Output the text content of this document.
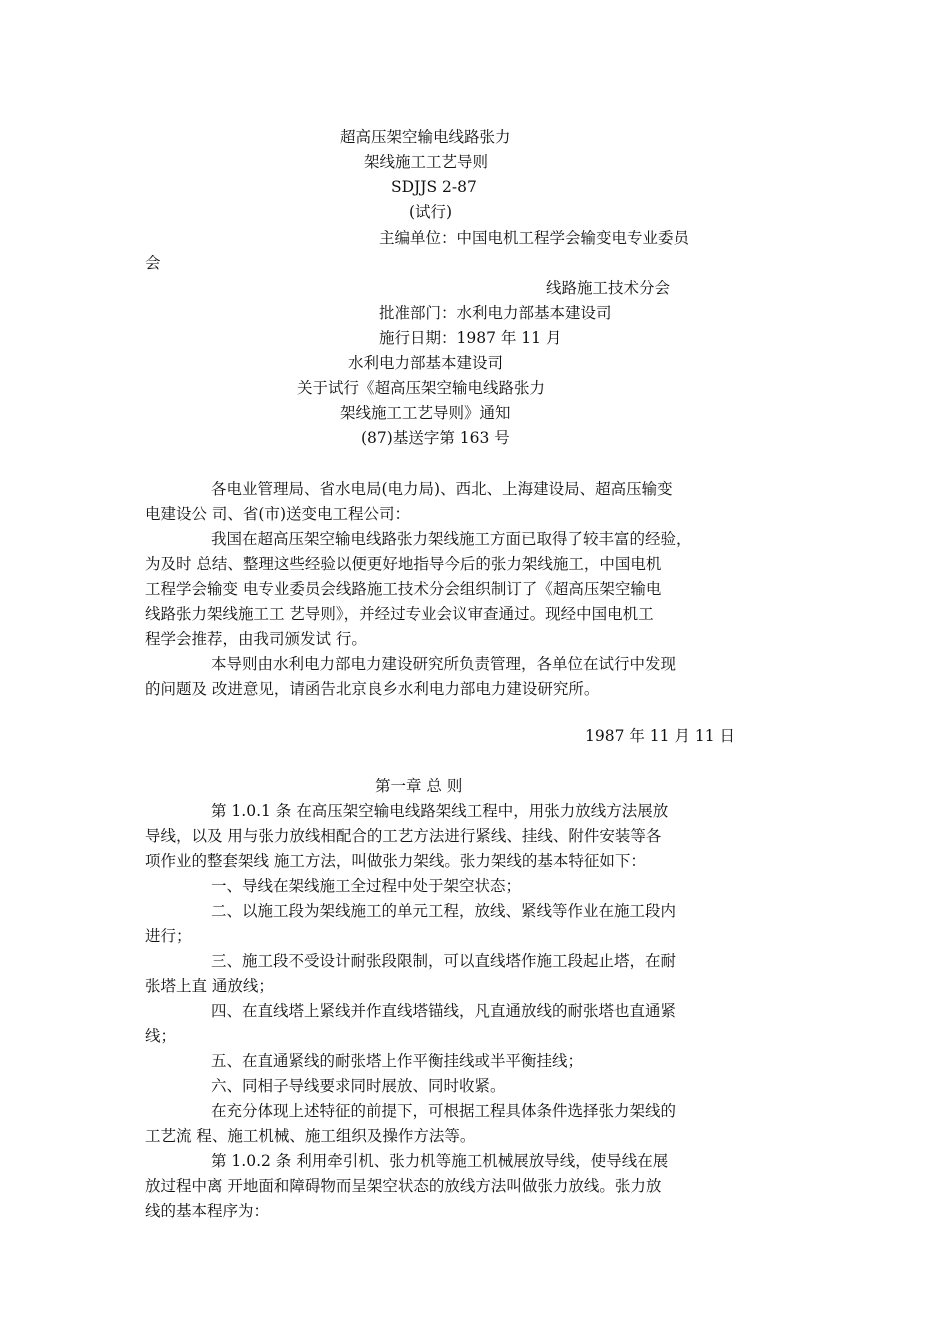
超高压架空输电线路张力
架线施工工艺导则
SDJJS 2-87
(试行)
主编单位：中国电机工程学会输变电专业委员
会
线路施工技术分会
批准部门：水利电力部基本建设司
施行日期：1987 年 11 月
水利电力部基本建设司
关于试行《超高压架空输电线路张力
架线施工工艺导则》通知
(87)基送字第 163 号
各电业管理局、省水电局(电力局)、西北、上海建设局、超高压输变
电建设公 司、省(市)送变电工程公司：
我国在超高压架空输电线路张力架线施工方面已取得了较丰富的经验，
为及时 总结、整理这些经验以便更好地指导今后的张力架线施工，中国电机
工程学会输变 电专业委员会线路施工技术分会组织制订了《超高压架空输电
线路张力架线施工工 艺导则》，并经过专业会议审查通过。现经中国电机工
程学会推荐，由我司颁发试 行。
本导则由水利电力部电力建设研究所负责管理，各单位在试行中发现
的问题及 改进意见，请函告北京良乡水利电力部电力建设研究所。
1987 年 11 月 11 日
第一章 总 则
第 1.0.1 条 在高压架空输电线路架线工程中，用张力放线方法展放
导线，以及 用与张力放线相配合的工艺方法进行紧线、挂线、附件安装等各
项作业的整套架线 施工方法，叫做张力架线。张力架线的基本特征如下：
一、导线在架线施工全过程中处于架空状态；
二、以施工段为架线施工的单元工程，放线、紧线等作业在施工段内
进行；
三、施工段不受设计耐张段限制，可以直线塔作施工段起止塔，在耐
张塔上直 通放线；
四、在直线塔上紧线并作直线塔锚线，凡直通放线的耐张塔也直通紧
线；
五、在直通紧线的耐张塔上作平衡挂线或半平衡挂线；
六、同相子导线要求同时展放、同时收紧。
在充分体现上述特征的前提下，可根据工程具体条件选择张力架线的
工艺流 程、施工机械、施工组织及操作方法等。
第 1.0.2 条 利用牵引机、张力机等施工机械展放导线，使导线在展
放过程中离 开地面和障碍物而呈架空状态的放线方法叫做张力放线。张力放
线的基本程序为：
